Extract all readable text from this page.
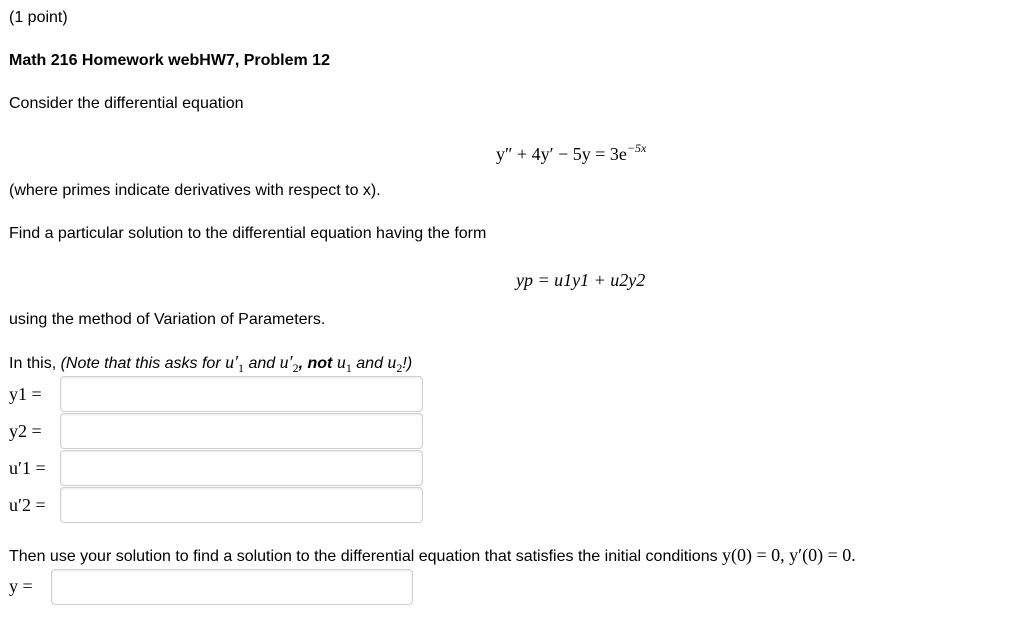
(1 point)
Math 216 Homework webHW7, Problem 12
Consider the differential equation
$y'' + 4y' - 5y = 3e^{-5x}$
(where primes indicate derivatives with respect to x).
Find a particular solution to the differential equation having the form
yp = u1y1 + u2y2
using the method of Variation of Parameters.
In this, (Note that this asks for $u'_1$ and $u'_2$, not $u_1$ and $u_2$!)
y1 =
y2 =
u′1 =
u′2 =
Then use your solution to find a solution to the differential equation that satisfies the initial conditions y(0) = 0, y′(0) = 0.
y =
